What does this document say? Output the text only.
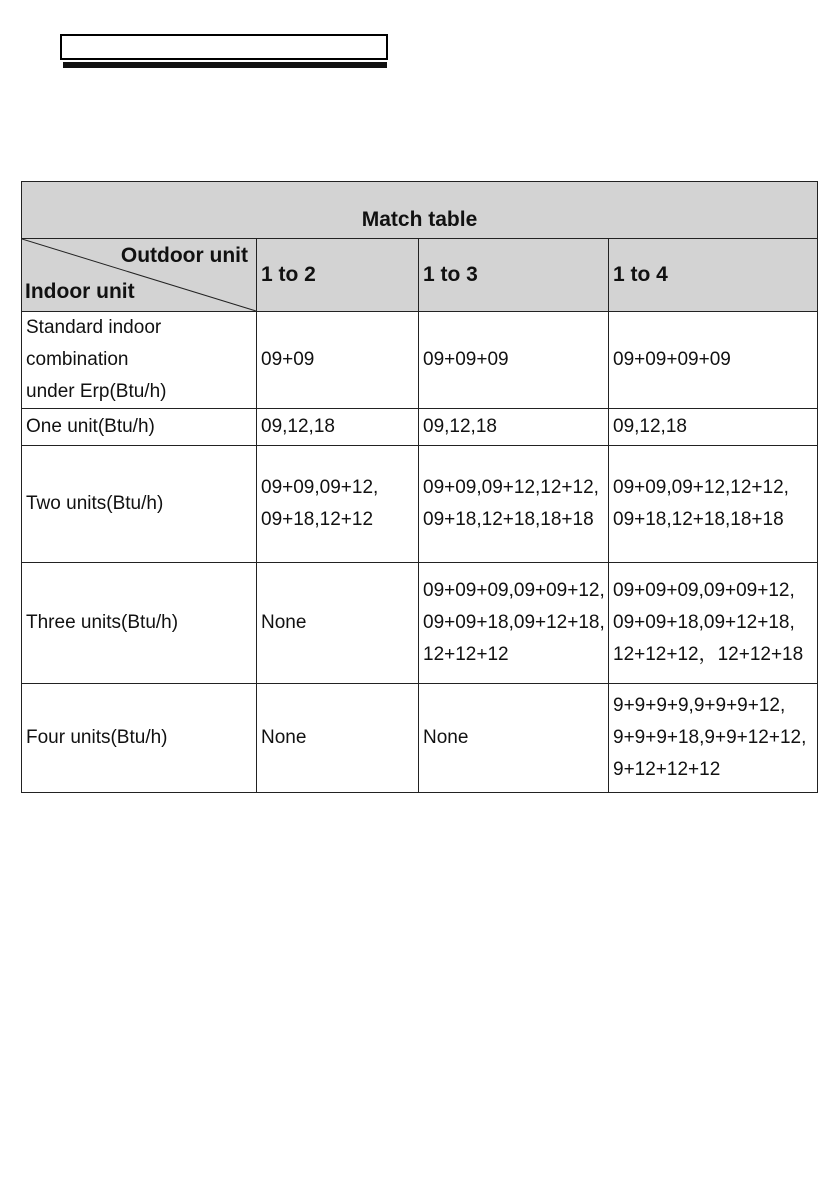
Match table			

Outdoor unit
Indoor unit	1 to 2	1 to 3	1 to 4
Standard indoor combination
under Erp(Btu/h)	09+09	09+09+09	09+09+09+09
One unit(Btu/h)	09,12,18	09,12,18	09,12,18
Two units(Btu/h)	09+09,09+12,
09+18,12+12	09+09,09+12,12+12,
09+18,12+18,18+18	09+09,09+12,12+12,
09+18,12+18,18+18
Three units(Btu/h)	None	09+09+09,09+09+12,
09+09+18,09+12+18,
12+12+12	09+09+09,09+09+12,
09+09+18,09+12+18,
12+12+12，12+12+18
Four units(Btu/h)	None	None	9+9+9+9,9+9+9+12,
9+9+9+18,9+9+12+12,
9+12+12+12
